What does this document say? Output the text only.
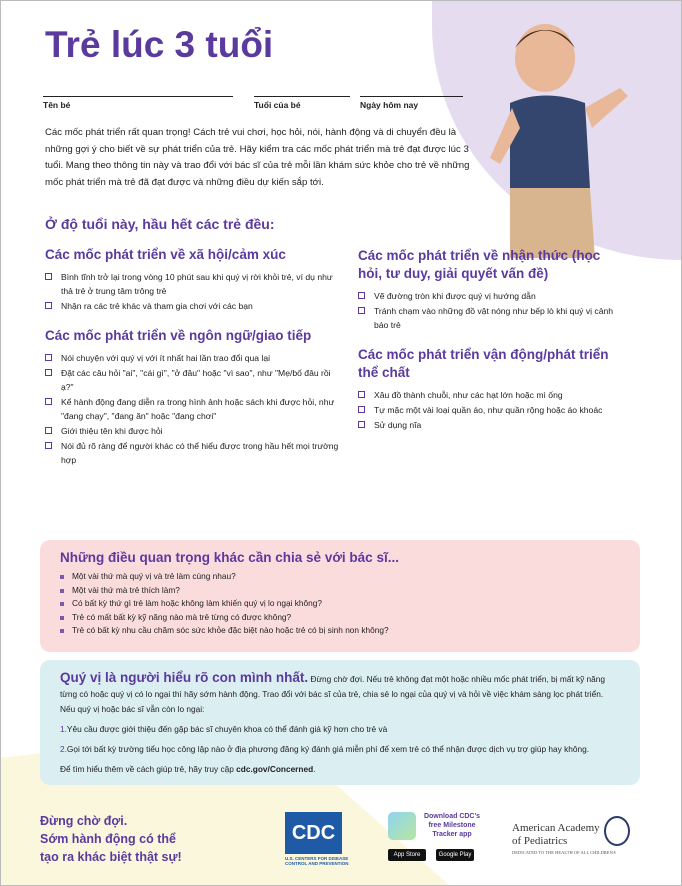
Trẻ lúc 3 tuổi
Tên bé	Tuổi của bé	Ngày hôm nay

Các mốc phát triển rất quan trọng! Cách trẻ vui chơi, học hỏi, nói, hành động và di chuyển đều là những gợi ý cho biết về sự phát triển của trẻ. Hãy kiểm tra các mốc phát triển mà trẻ đạt được lúc 3 tuổi. Mang theo thông tin này và trao đổi với bác sĩ của trẻ mỗi lần khám sức khỏe cho trẻ về những mốc phát triển mà trẻ đã đạt được và những điều dự kiến sắp tới.

Ở độ tuổi này, hầu hết các trẻ đều:
Các mốc phát triển về xã hội/cảm xúc
Bình tĩnh trở lại trong vòng 10 phút sau khi quý vị rời khỏi trẻ, ví dụ như thả trẻ ở trung tâm trông trẻ
Nhận ra các trẻ khác và tham gia chơi với các bạn
Các mốc phát triển về ngôn ngữ/giao tiếp
Nói chuyện với quý vị với ít nhất hai lần trao đổi qua lại
Đặt các câu hỏi "ai", "cái gì", "ở đâu" hoặc "vì sao", như "Mẹ/bố đâu rồi ạ?"
Kể hành động đang diễn ra trong hình ảnh hoặc sách khi được hỏi, như "đang chạy", "đang ăn" hoặc "đang chơi"
Giới thiệu tên khi được hỏi
Nói đủ rõ ràng để người khác có thể hiểu được trong hầu hết mọi trường hợp
Các mốc phát triển về nhận thức (học hỏi, tư duy, giải quyết vấn đề)
Vẽ đường tròn khi được quý vị hướng dẫn
Tránh chạm vào những đồ vật nóng như bếp lò khi quý vị cảnh báo trẻ
Các mốc phát triển vận động/phát triển thể chất
Xâu đồ thành chuỗi, như các hạt lớn hoặc mì ống
Tự mặc một vài loại quần áo, như quần rộng hoặc áo khoác
Sử dụng nĩa
Những điều quan trọng khác cần chia sẻ với bác sĩ...
Một vài thứ mà quý vị và trẻ làm cùng nhau?
Một vài thứ mà trẻ thích làm?
Có bất kỳ thứ gì trẻ làm hoặc không làm khiến quý vị lo ngại không?
Trẻ có mất bất kỳ kỹ năng nào mà trẻ từng có được không?
Trẻ có bất kỳ nhu cầu chăm sóc sức khỏe đặc biệt nào hoặc trẻ có bị sinh non không?

Quý vị là người hiểu rõ con mình nhất. Đừng chờ đợi. Nếu trẻ không đạt một hoặc nhiều mốc phát triển, bị mất kỹ năng từng có hoặc quý vị có lo ngại thì hãy sớm hành động. Trao đổi với bác sĩ của trẻ, chia sẻ lo ngại của quý vị và hỏi về việc khám sàng lọc phát triển. Nếu quý vị hoặc bác sĩ vẫn còn lo ngại:

1.Yêu cầu được giới thiệu đến gặp bác sĩ chuyên khoa có thể đánh giá kỹ hơn cho trẻ và

2.Gọi tới bất kỳ trường tiểu học công lập nào ở địa phương đăng ký đánh giá miễn phí để xem trẻ có thể nhận được dịch vụ trợ giúp hay không.

Để tìm hiểu thêm về cách giúp trẻ, hãy truy cập cdc.gov/Concerned.

Đừng chờ đợi.
Sớm hành động có thể
tạo ra khác biệt thật sự!
CDC
U.S. CENTERS FOR DISEASE CONTROL AND PREVENTION
Download CDC's free Milestone Tracker app
App Store	Google Play
American Academy
of Pediatrics
DEDICATED TO THE HEALTH OF ALL CHILDREN®
